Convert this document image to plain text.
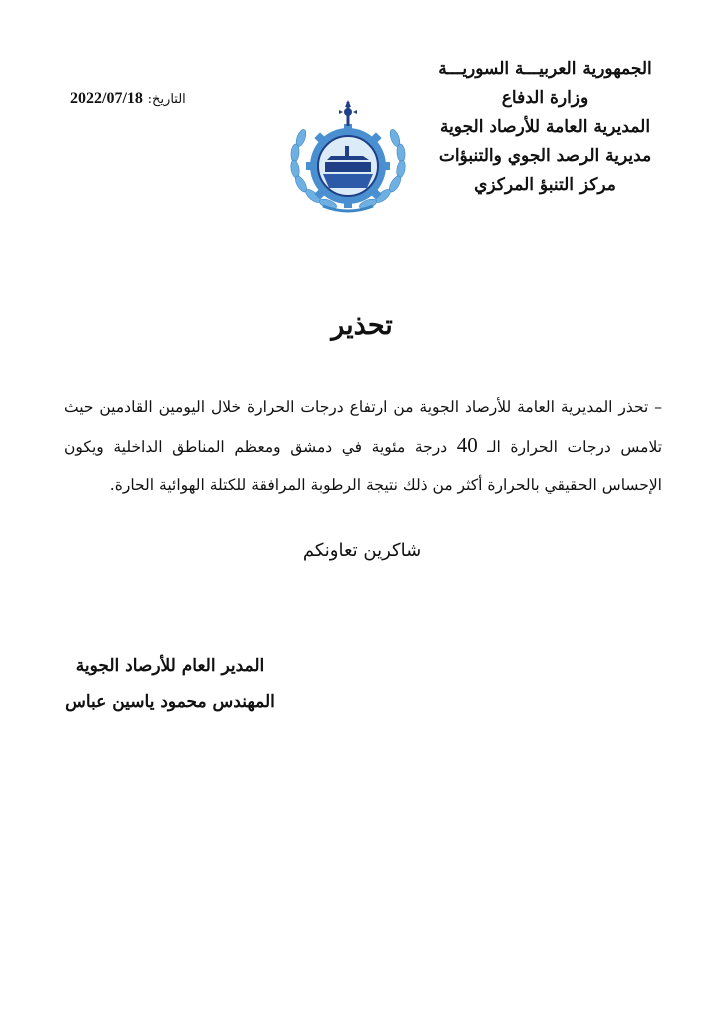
الجمهورية العربيـــة السوريـــة
وزارة الدفاع
المديرية العامة للأرصاد الجوية
مديرية الرصد الجوي والتنبؤات
مركز التنبؤ المركزي
التاريخ: 2022/07/18
تحذير
– تحذر المديرية العامة للأرصاد الجوية من ارتفاع درجات الحرارة خلال اليومين القادمين حيث تلامس درجات الحرارة الـ 40 درجة مئوية في دمشق ومعظم المناطق الداخلية ويكون الإحساس الحقيقي بالحرارة أكثر من ذلك نتيجة الرطوبة المرافقة للكتلة الهوائية الحارة.
شاكرين تعاونكم
المدير العام للأرصاد الجوية
المهندس محمود ياسين عباس
